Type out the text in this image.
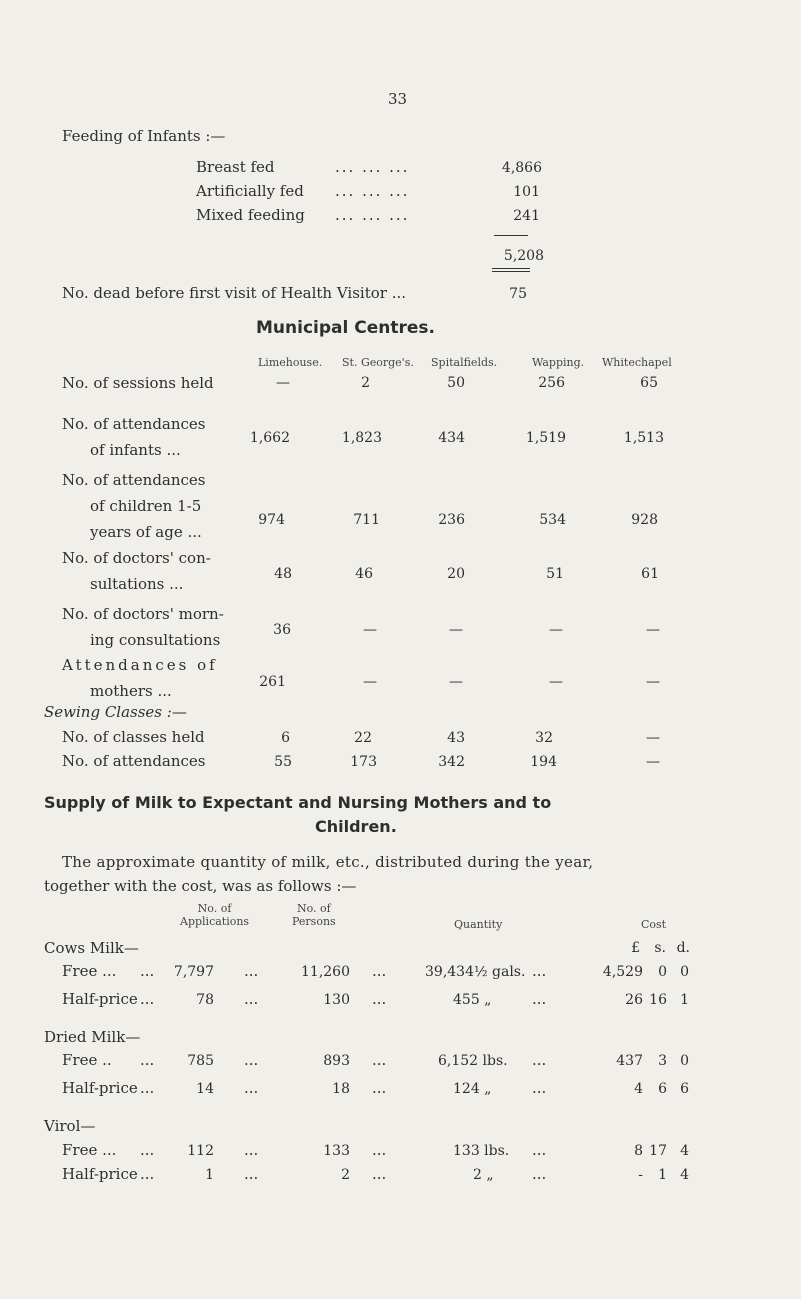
33
Feeding of Infants :—
Breast fed	... ... ...	4,866
Artificially fed ... ... ...	101
Mixed feeding ... ... ...	241
5,208
No. dead before first visit of Health Visitor ...	75
Municipal Centres.
Limehouse. St. George's. Spitalfields.	Wapping. Whitechapel
No. of sessions held	—	2	50	256	65
No. of attendances
of infants ...
1,662	1,823	434	1,519	1,513
No. of attendances
of children 1-5
years of age ...
974	711	236	534	928
No. of doctors' con-
sultations ...
48	46	20	51	61
No. of doctors' morn-
ing consultations
36	—	—	—	—
Attendances of
mothers ...	261	—	—	—	—
Sewing Classes :—
No. of classes held	6	22	43	32	—
No. of attendances	55	173	342	194	—
Supply of Milk to Expectant and Nursing Mothers and to
Children.
The approximate quantity of milk, etc., distributed during the year,
together with the cost, was as follows :—
No. of
Applications
No. of
Persons	Quantity	Cost
Cows Milk—	£ s. d.
Free ... ... 7,797 ...	11,260 ...	39,434½ gals. ...	4,529 0 0
Half-price ...	78 ...	130 ...	455 „	...	26 16 1
Dried Milk—
Free .. ... 785 ...	893 ...	6,152 lbs. ...	437 3 0
Half-price ...	14 ...	18 ...	124 „	...	4 6 6
Virol—
Free ... ... 112 ...	133 ...	133 lbs. ...	8 17 4
Half-price ...	1 ...	2 ...	2 „	...	- 1 4
